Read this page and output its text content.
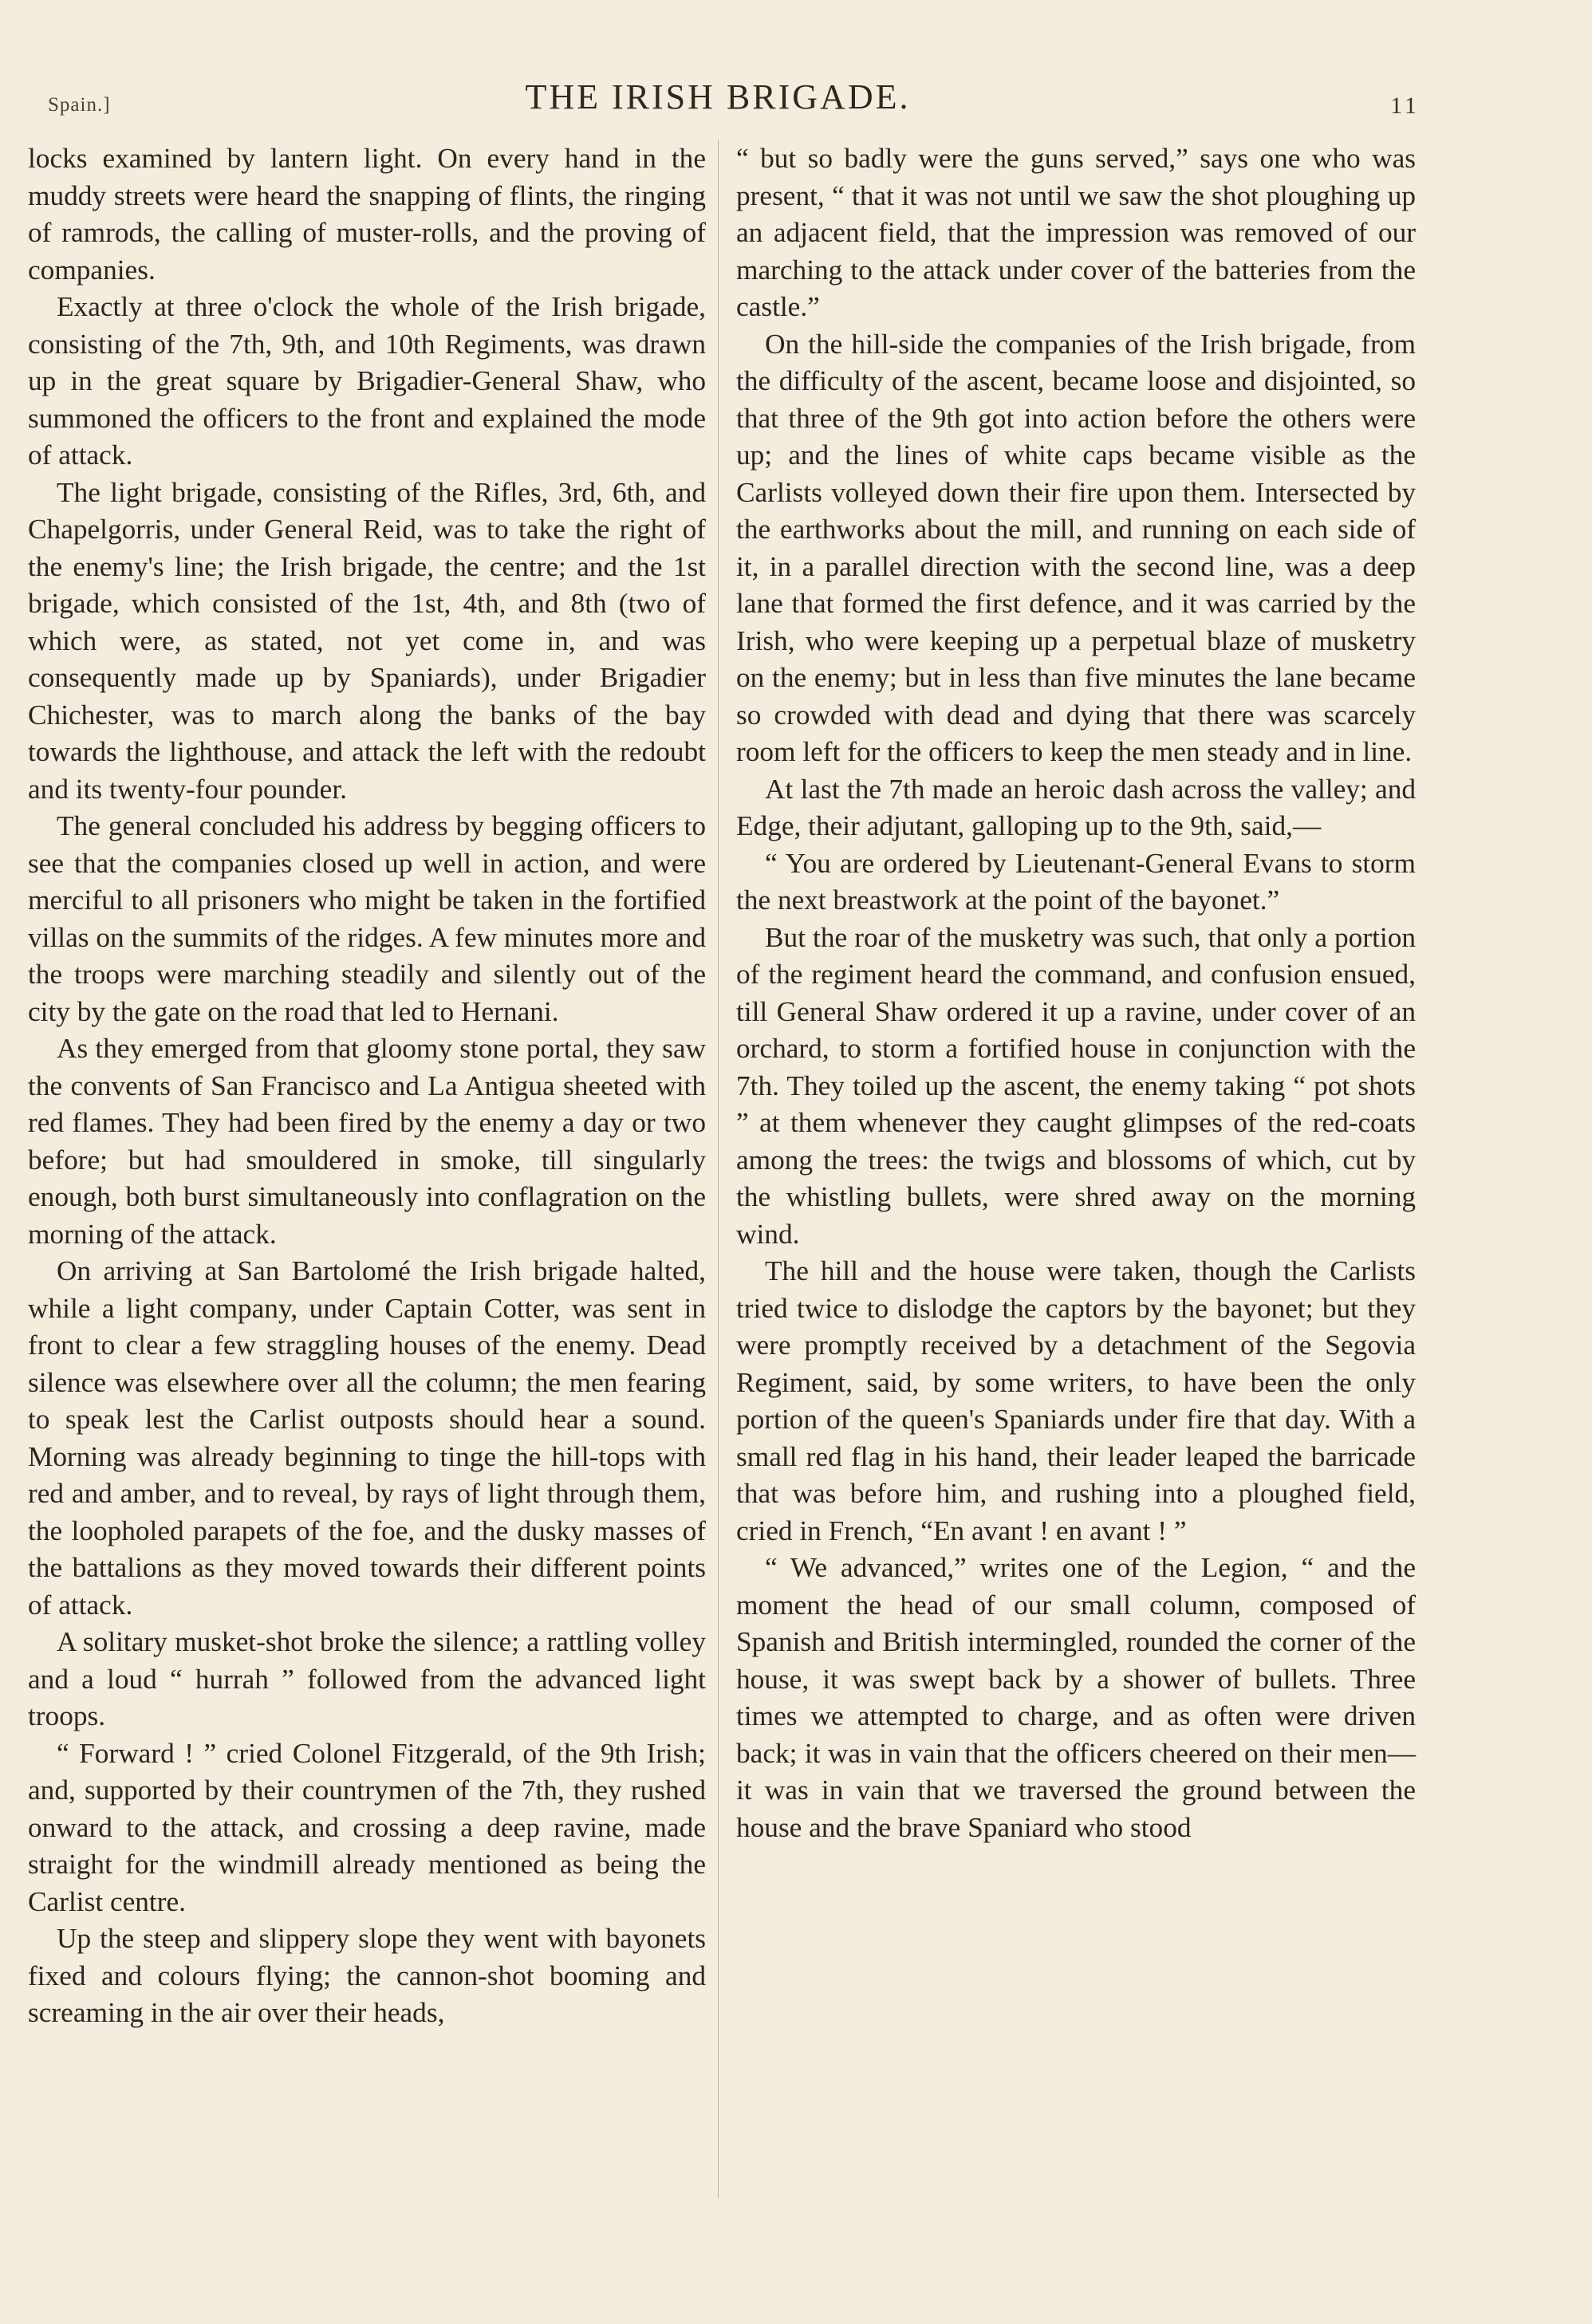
Spain.]	THE IRISH BRIGADE.	11

locks examined by lantern light. On every hand in the muddy streets were heard the snapping of flints, the ringing of ramrods, the calling of muster-rolls, and the proving of companies.

Exactly at three o'clock the whole of the Irish brigade, consisting of the 7th, 9th, and 10th Regiments, was drawn up in the great square by Brigadier-General Shaw, who summoned the officers to the front and explained the mode of attack.

The light brigade, consisting of the Rifles, 3rd, 6th, and Chapelgorris, under General Reid, was to take the right of the enemy's line; the Irish brigade, the centre; and the 1st brigade, which consisted of the 1st, 4th, and 8th (two of which were, as stated, not yet come in, and was consequently made up by Spaniards), under Brigadier Chichester, was to march along the banks of the bay towards the lighthouse, and attack the left with the redoubt and its twenty-four pounder.

The general concluded his address by begging officers to see that the companies closed up well in action, and were merciful to all prisoners who might be taken in the fortified villas on the summits of the ridges. A few minutes more and the troops were marching steadily and silently out of the city by the gate on the road that led to Hernani.

As they emerged from that gloomy stone portal, they saw the convents of San Francisco and La Antigua sheeted with red flames. They had been fired by the enemy a day or two before; but had smouldered in smoke, till singularly enough, both burst simultaneously into conflagration on the morning of the attack.

On arriving at San Bartolomé the Irish brigade halted, while a light company, under Captain Cotter, was sent in front to clear a few straggling houses of the enemy. Dead silence was elsewhere over all the column; the men fearing to speak lest the Carlist outposts should hear a sound. Morning was already beginning to tinge the hill-tops with red and amber, and to reveal, by rays of light through them, the loopholed parapets of the foe, and the dusky masses of the battalions as they moved towards their different points of attack.

A solitary musket-shot broke the silence; a rattling volley and a loud “ hurrah ” followed from the advanced light troops.

“ Forward ! ” cried Colonel Fitzgerald, of the 9th Irish; and, supported by their countrymen of the 7th, they rushed onward to the attack, and crossing a deep ravine, made straight for the windmill already mentioned as being the Carlist centre.

Up the steep and slippery slope they went with bayonets fixed and colours flying; the cannon-shot booming and screaming in the air over their heads,

“ but so badly were the guns served,” says one who was present, “ that it was not until we saw the shot ploughing up an adjacent field, that the impression was removed of our marching to the attack under cover of the batteries from the castle.”

On the hill-side the companies of the Irish brigade, from the difficulty of the ascent, became loose and disjointed, so that three of the 9th got into action before the others were up; and the lines of white caps became visible as the Carlists volleyed down their fire upon them. Intersected by the earthworks about the mill, and running on each side of it, in a parallel direction with the second line, was a deep lane that formed the first defence, and it was carried by the Irish, who were keeping up a perpetual blaze of musketry on the enemy; but in less than five minutes the lane became so crowded with dead and dying that there was scarcely room left for the officers to keep the men steady and in line.

At last the 7th made an heroic dash across the valley; and Edge, their adjutant, galloping up to the 9th, said,—

“ You are ordered by Lieutenant-General Evans to storm the next breastwork at the point of the bayonet.”

But the roar of the musketry was such, that only a portion of the regiment heard the command, and confusion ensued, till General Shaw ordered it up a ravine, under cover of an orchard, to storm a fortified house in conjunction with the 7th. They toiled up the ascent, the enemy taking “ pot shots ” at them whenever they caught glimpses of the red-coats among the trees: the twigs and blossoms of which, cut by the whistling bullets, were shred away on the morning wind.

The hill and the house were taken, though the Carlists tried twice to dislodge the captors by the bayonet; but they were promptly received by a detachment of the Segovia Regiment, said, by some writers, to have been the only portion of the queen's Spaniards under fire that day. With a small red flag in his hand, their leader leaped the barricade that was before him, and rushing into a ploughed field, cried in French, “En avant ! en avant ! ”

“ We advanced,” writes one of the Legion, “ and the moment the head of our small column, composed of Spanish and British intermingled, rounded the corner of the house, it was swept back by a shower of bullets. Three times we attempted to charge, and as often were driven back; it was in vain that the officers cheered on their men—it was in vain that we traversed the ground between the house and the brave Spaniard who stood
